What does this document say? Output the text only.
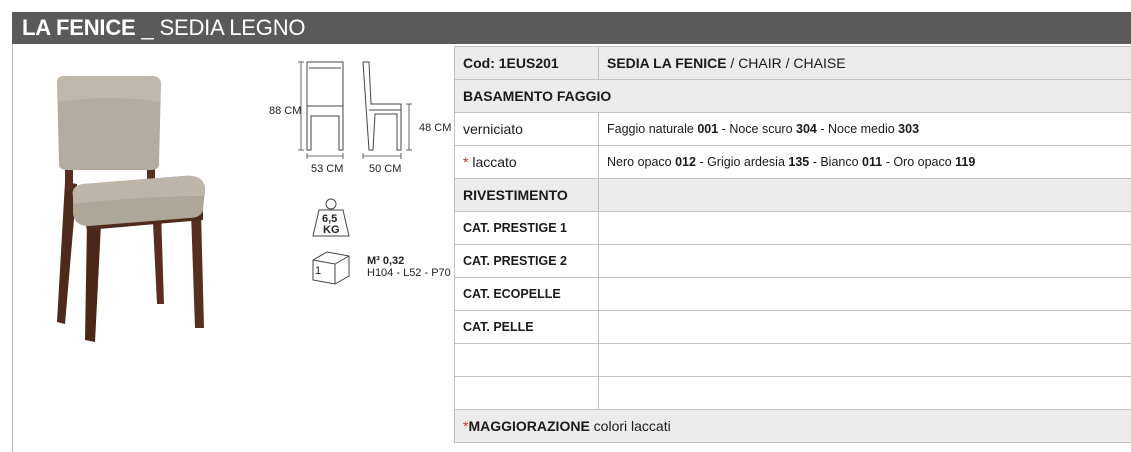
LA FENICE _ SEDIA LEGNO
88 CM
48 CM
53 CM 50 CM
6,5
KG
1
M³ 0,32
H104 - L52 - P70
Cod: 1EUS201	SEDIA LA FENICE / CHAIR / CHAISE
BASAMENTO FAGGIO	
verniciato	Faggio naturale 001 - Noce scuro 304 - Noce medio 303
* laccato	Nero opaco 012 - Grigio ardesia 135 - Bianco 011 - Oro opaco 119
RIVESTIMENTO	
CAT. PRESTIGE 1	
CAT. PRESTIGE 2	
CAT. ECOPELLE	
CAT. PELLE	

*MAGGIORAZIONE colori laccati	
